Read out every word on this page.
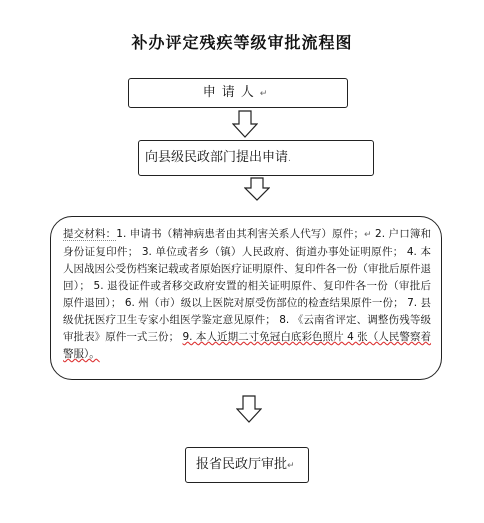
补办评定残疾等级审批流程图
申请人↵
向县级民政部门提出申请.
提交材料：1. 申请书（精神病患者由其利害关系人代写）原件；↵ 2. 户口簿和身份证复印件； 3. 单位或者乡（镇）人民政府、街道办事处证明原件； 4. 本人因战因公受伤档案记载或者原始医疗证明原件、复印件各一份（审批后原件退回）； 5. 退役证件或者移交政府安置的相关证明原件、复印件各一份（审批后原件退回）； 6. 州（市）级以上医院对原受伤部位的检查结果原件一份； 7. 县级优抚医疗卫生专家小组医学鉴定意见原件； 8. 《云南省评定、调整伤残等级审批表》原件一式三份； 9. 本人近期二寸免冠白底彩色照片 4 张（人民警察着警服）。
报省民政厅审批↵
